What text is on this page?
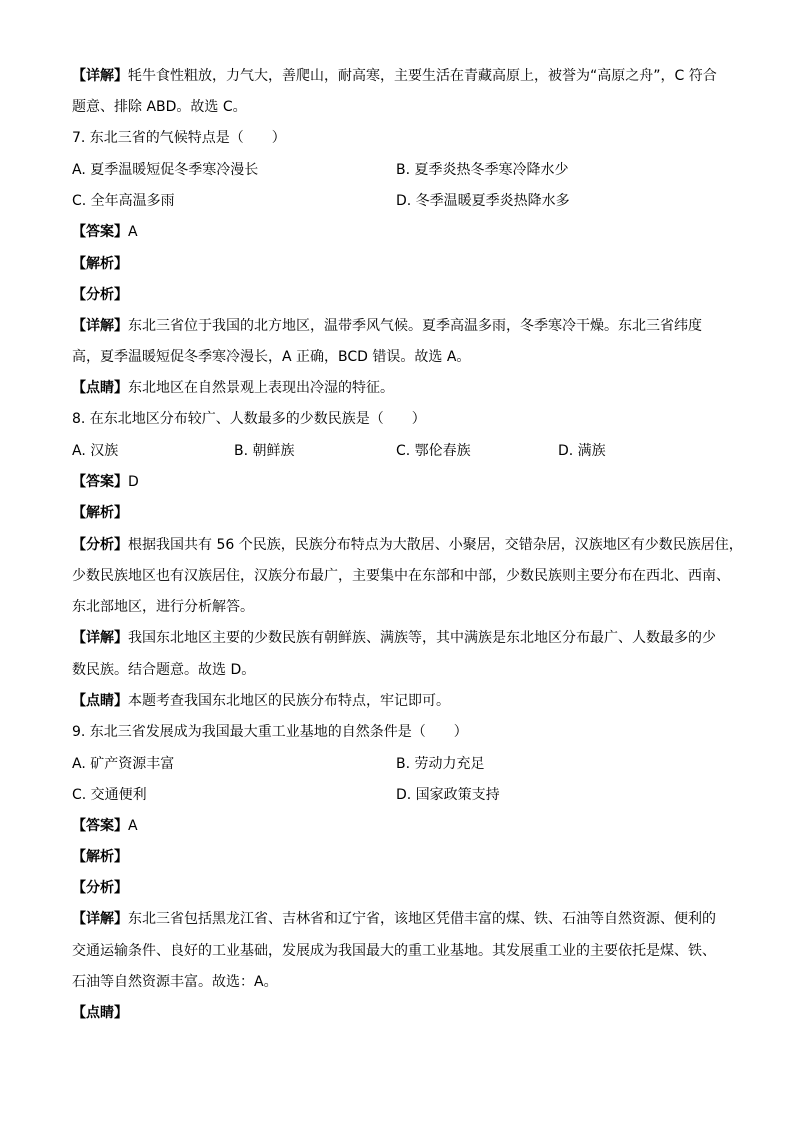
【详解】牦牛食性粗放，力气大，善爬山，耐高寒，主要生活在青藏高原上，被誉为“高原之舟”，C 符合
题意、排除 ABD。故选 C。
7. 东北三省的气候特点是（　　）
A. 夏季温暖短促冬季寒冷漫长	B. 夏季炎热冬季寒冷降水少
C. 全年高温多雨	D. 冬季温暖夏季炎热降水多
【答案】A
【解析】
【分析】
【详解】东北三省位于我国的北方地区，温带季风气候。夏季高温多雨，冬季寒冷干燥。东北三省纬度
高，夏季温暖短促冬季寒冷漫长，A 正确，BCD 错误。故选 A。
【点睛】东北地区在自然景观上表现出冷湿的特征。
8. 在东北地区分布较广、人数最多的少数民族是（　　）
A. 汉族	B. 朝鲜族	C. 鄂伦春族	D. 满族
【答案】D
【解析】
【分析】根据我国共有 56 个民族，民族分布特点为大散居、小聚居，交错杂居，汉族地区有少数民族居住，
少数民族地区也有汉族居住，汉族分布最广，主要集中在东部和中部，少数民族则主要分布在西北、西南、
东北部地区，进行分析解答。
【详解】我国东北地区主要的少数民族有朝鲜族、满族等，其中满族是东北地区分布最广、人数最多的少
数民族。结合题意。故选 D。
【点睛】本题考查我国东北地区的民族分布特点，牢记即可。
9. 东北三省发展成为我国最大重工业基地的自然条件是（　　）
A. 矿产资源丰富	B. 劳动力充足
C. 交通便利	D. 国家政策支持
【答案】A
【解析】
【分析】
【详解】东北三省包括黑龙江省、吉林省和辽宁省，该地区凭借丰富的煤、铁、石油等自然资源、便利的
交通运输条件、良好的工业基础，发展成为我国最大的重工业基地。其发展重工业的主要依托是煤、铁、
石油等自然资源丰富。故选：A。
【点睛】
